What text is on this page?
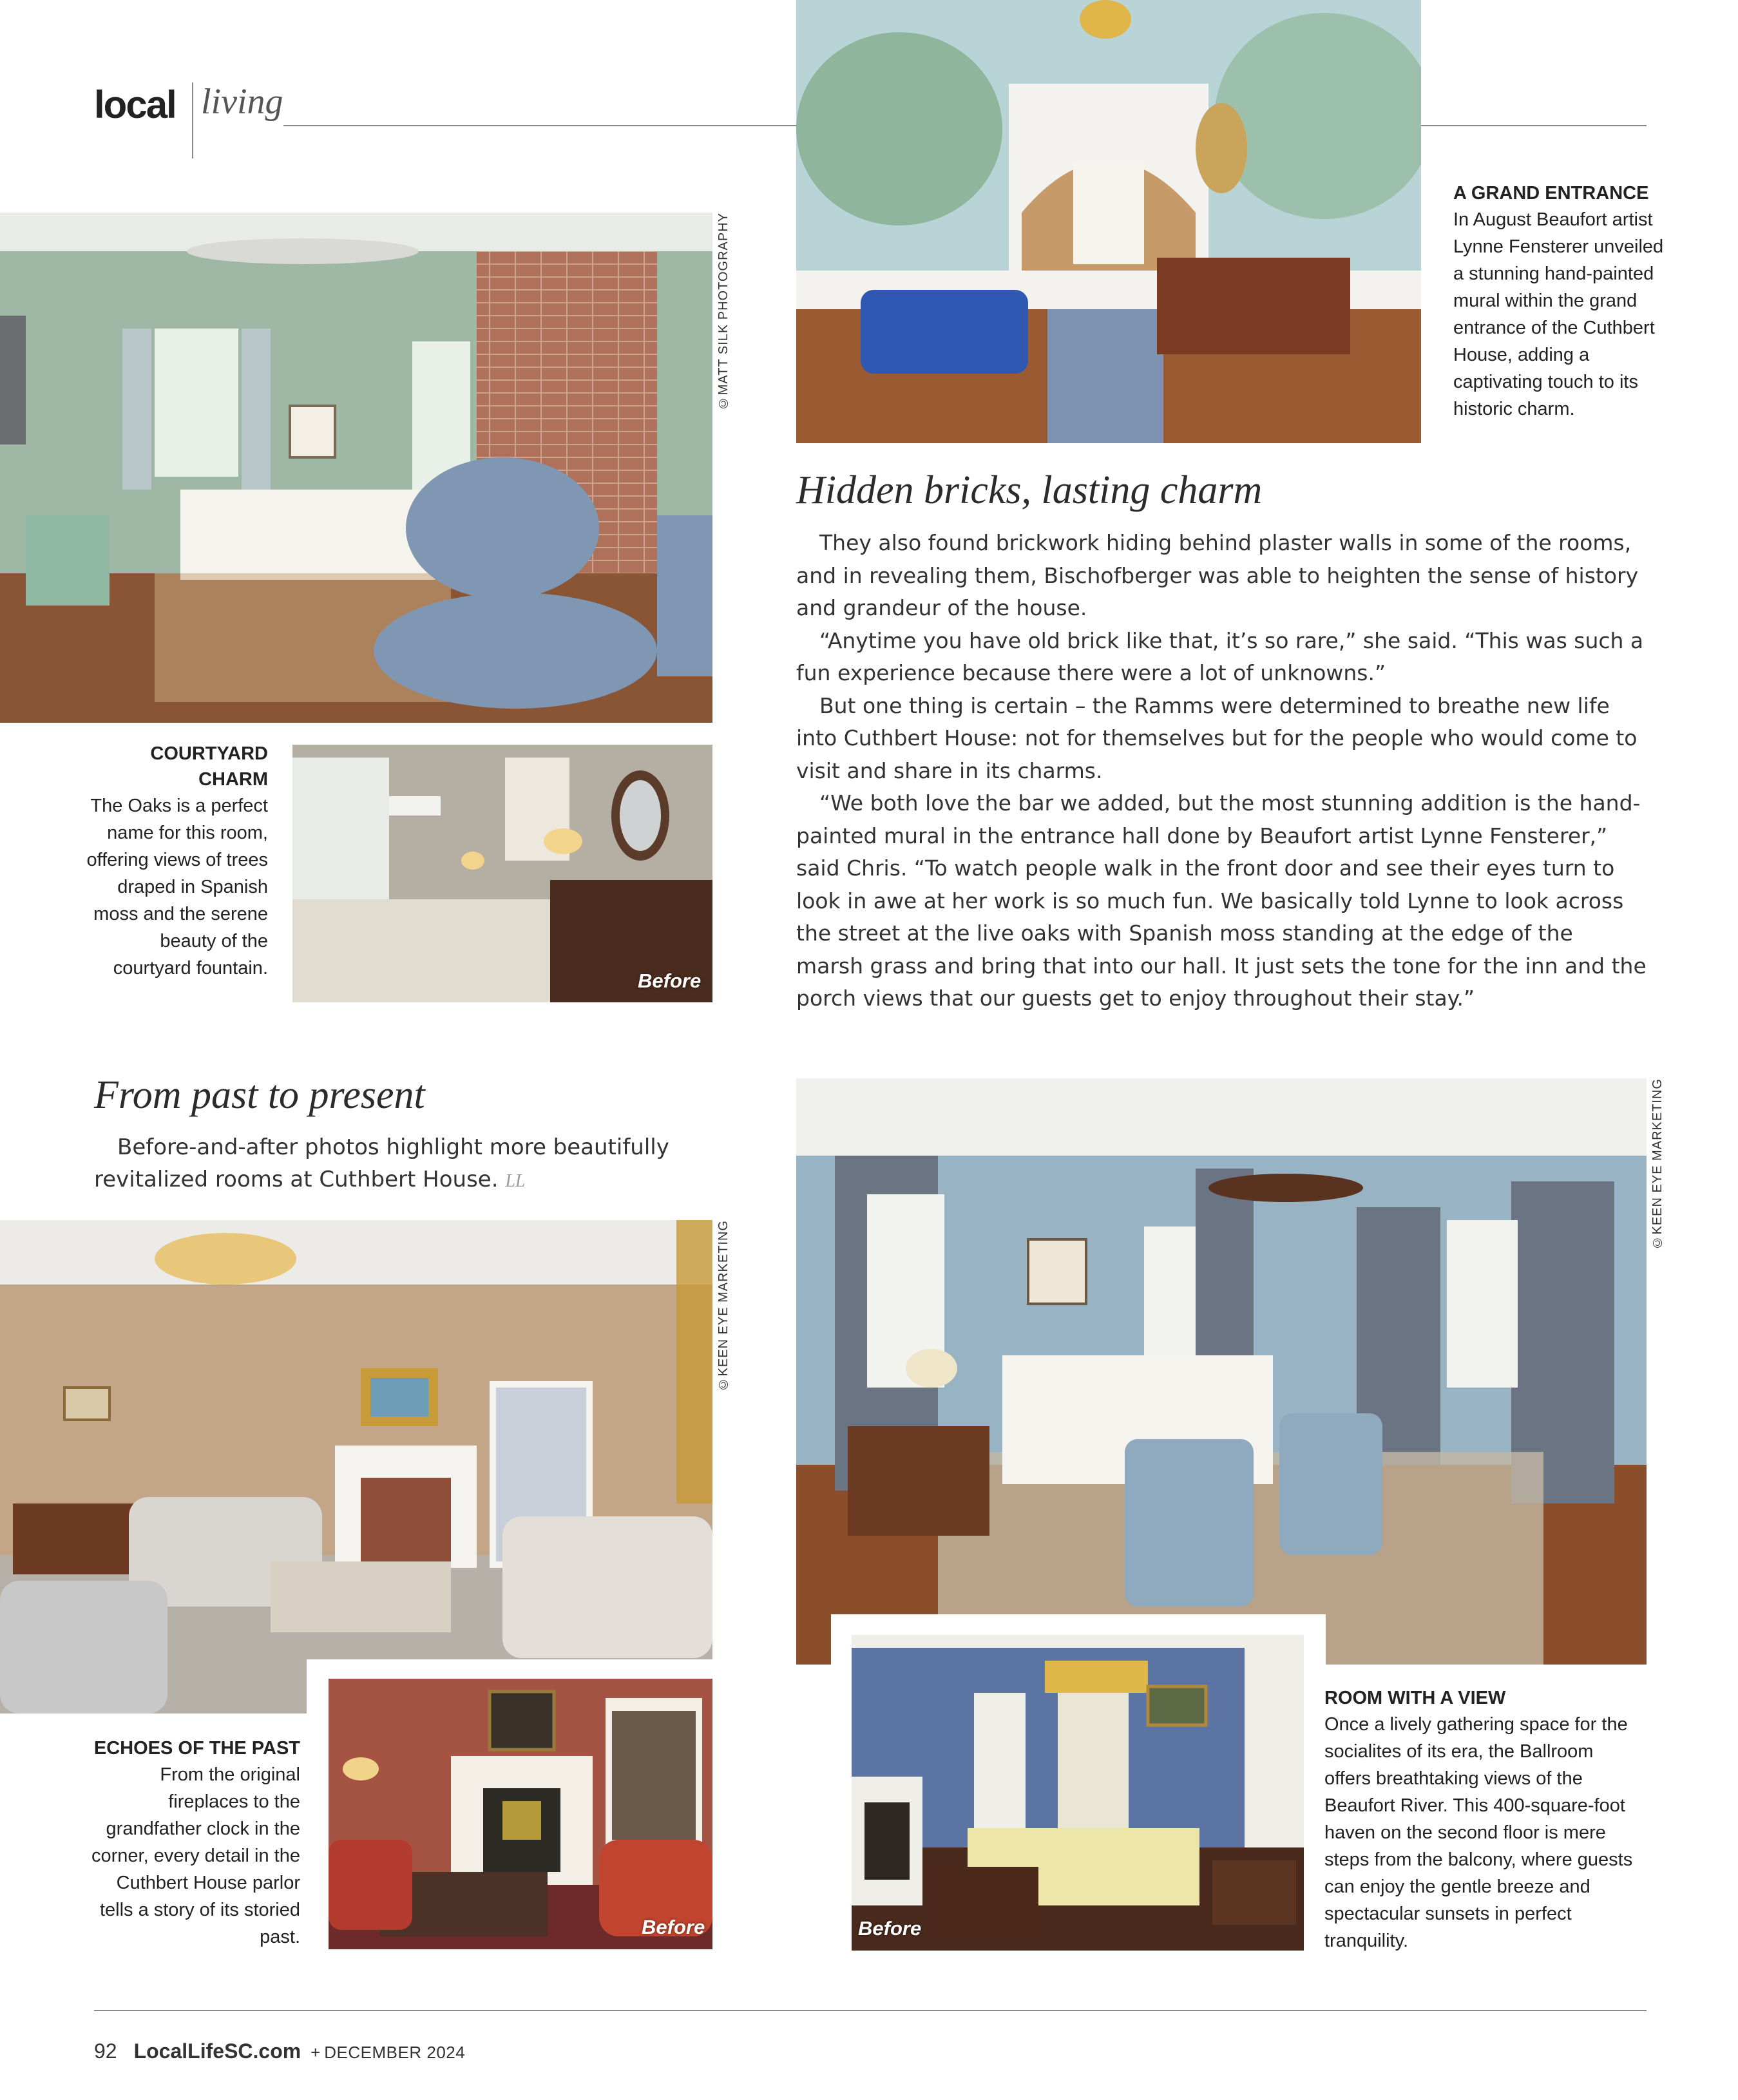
local living
©MATT SILK PHOTOGRAPHY

A GRAND ENTRANCE

In August Beaufort artist Lynne Fensterer unveiled a stunning hand-painted mural within the grand entrance of the Cuthbert House, adding a captivating touch to its historic charm.

Hidden bricks, lasting charm

They also found brickwork hiding behind plaster walls in some of the rooms, and in revealing them, Bischofberger was able to heighten the sense of history and grandeur of the house.

“Anytime you have old brick like that, it’s so rare,” she said. “This was such a fun experience because there were a lot of unknowns.”

But one thing is certain – the Ramms were determined to breathe new life into Cuthbert House: not for themselves but for the people who would come to visit and share in its charms.

“We both love the bar we added, but the most stunning addition is the hand-painted mural in the entrance hall done by Beaufort artist Lynne Fensterer,” said Chris. “To watch people walk in the front door and see their eyes turn to look in awe at her work is so much fun. We basically told Lynne to look across the street at the live oaks with Spanish moss standing at the edge of the marsh grass and bring that into our hall. It just sets the tone for the inn and the porch views that our guests get to enjoy throughout their stay.”

COURTYARD CHARM

The Oaks is a perfect name for this room, offering views of trees draped in Spanish moss and the serene beauty of the courtyard fountain.

Before
From past to present

Before-and-after photos highlight more beautifully revitalized rooms at Cuthbert House. LL

©KEEN EYE MARKETING
©KEEN EYE MARKETING
Before

ROOM WITH A VIEW

Once a lively gathering space for the socialites of its era, the Ballroom offers breathtaking views of the Beaufort River. This 400-square-foot haven on the second floor is mere steps from the balcony, where guests can enjoy the gentle breeze and spectacular sunsets in perfect tranquility.

ECHOES OF THE PAST

From the original fireplaces to the grandfather clock in the corner, every detail in the Cuthbert House parlor tells a story of its storied past.	Before
92 LocalLifeSC.com + DECEMBER 2024
